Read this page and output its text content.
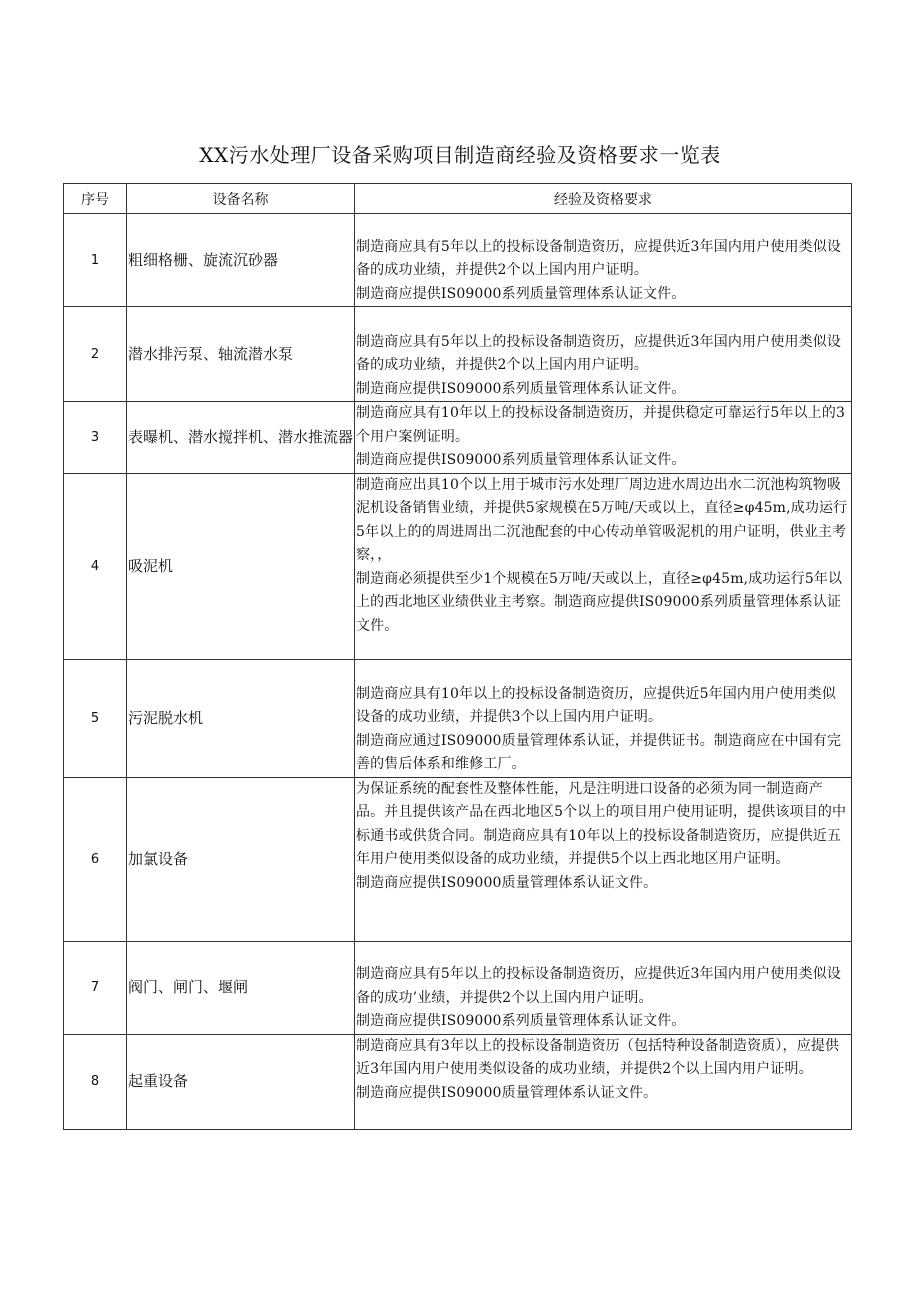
XX污水处理厂设备采购项目制造商经验及资格要求一览表
序号	设备名称	经验及资格要求
1	粗细格栅、旋流沉砂器	制造商应具有5年以上的投标设备制造资历，应提供近3年国内用户使用类似设备的成功业绩，并提供2个以上国内用户证明。
制造商应提供IS09000系列质量管理体系认证文件。

2	潜水排污泵、轴流潜水泵	制造商应具有5年以上的投标设备制造资历，应提供近3年国内用户使用类似设备的成功业绩，并提供2个以上国内用户证明。
制造商应提供IS09000系列质量管理体系认证文件。

3	表曝机、潜水搅拌机、潜水推流器	制造商应具有10年以上的投标设备制造资历，并提供稳定可靠运行5年以上的3个用户案例证明。
制造商应提供IS09000系列质量管理体系认证文件。

4	吸泥机	制造商应出具10个以上用于城市污水处理厂周边进水周边出水二沉池构筑物吸泥机设备销售业绩，并提供5家规模在5万吨/天或以上，直径≥φ45m,成功运行5年以上的的周进周出二沉池配套的中心传动单管吸泥机的用户证明，供业主考察，，
制造商必须提供至少1个规模在5万吨/天或以上，直径≥φ45m,成功运行5年以上的西北地区业绩供业主考察。制造商应提供IS09000系列质量管理体系认证文件。

5	污泥脱水机	制造商应具有10年以上的投标设备制造资历，应提供近5年国内用户使用类似设备的成功业绩，并提供3个以上国内用户证明。
制造商应通过IS09000质量管理体系认证，并提供证书。制造商应在中国有完善的售后体系和维修工厂。

6	加氯设备	为保证系统的配套性及整体性能，凡是注明进口设备的必须为同一制造商产品。并且提供该产品在西北地区5个以上的项目用户使用证明，提供该项目的中标通书或供货合同。制造商应具有10年以上的投标设备制造资历，应提供近五年用户使用类似设备的成功业绩，并提供5个以上西北地区用户证明。
制造商应提供IS09000质量管理体系认证文件。

7	阀门、闸门、堰闸	制造商应具有5年以上的投标设备制造资历，应提供近3年国内用户使用类似设备的成功’业绩，并提供2个以上国内用户证明。
制造商应提供IS09000系列质量管理体系认证文件。

8	起重设备	制造商应具有3年以上的投标设备制造资历（包括特种设备制造资质），应提供近3年国内用户使用类似设备的成功业绩，并提供2个以上国内用户证明。
制造商应提供IS09000质量管理体系认证文件。
